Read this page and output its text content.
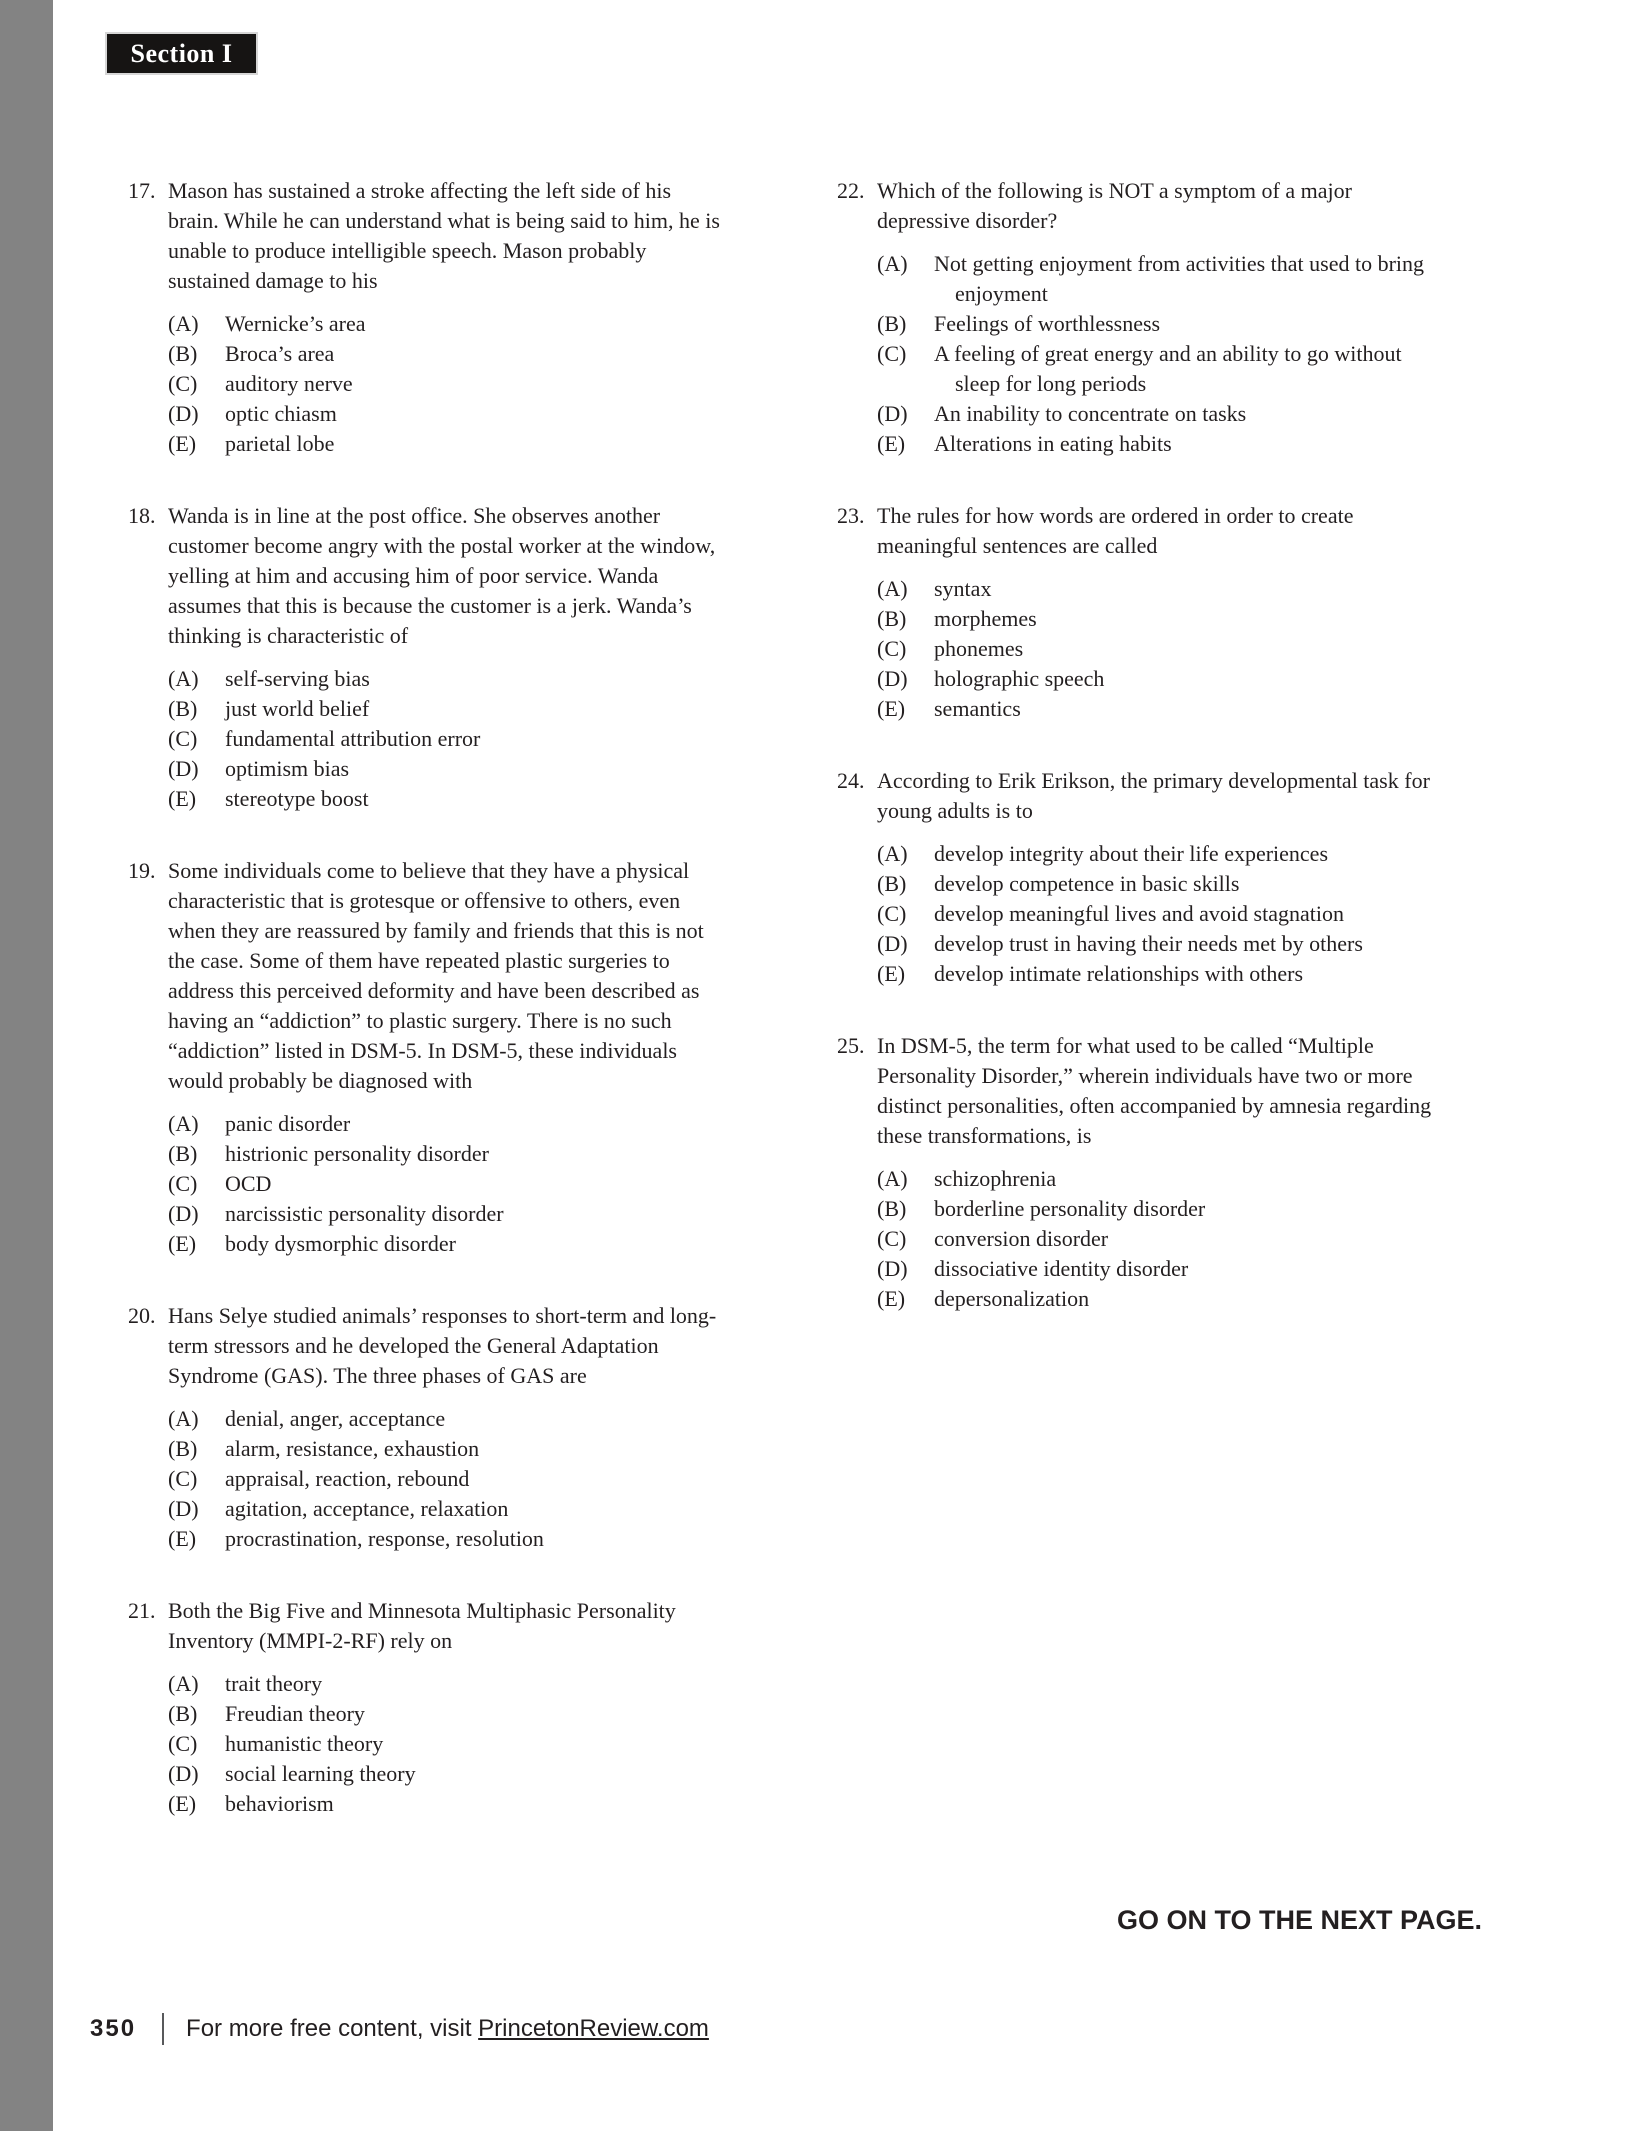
Section I
17. Mason has sustained a stroke affecting the left side of his brain. While he can understand what is being said to him, he is unable to produce intelligible speech. Mason probably sustained damage to his

(A)	Wernicke’s area
(B)	Broca’s area
(C)	auditory nerve
(D)	optic chiasm
(E)	parietal lobe
18. Wanda is in line at the post office. She observes another customer become angry with the postal worker at the window, yelling at him and accusing him of poor service. Wanda assumes that this is because the customer is a jerk. Wanda’s thinking is characteristic of

(A)	self-serving bias
(B)	just world belief
(C)	fundamental attribution error
(D)	optimism bias
(E)	stereotype boost
19. Some individuals come to believe that they have a physical characteristic that is grotesque or offensive to others, even when they are reassured by family and friends that this is not the case. Some of them have repeated plastic surgeries to address this perceived deformity and have been described as having an “addiction” to plastic surgery. There is no such “addiction” listed in DSM-5. In DSM-5, these individuals would probably be diagnosed with

(A)	panic disorder
(B)	histrionic personality disorder
(C)	OCD
(D)	narcissistic personality disorder
(E)	body dysmorphic disorder
20. Hans Selye studied animals’ responses to short-term and long-term stressors and he developed the General Adaptation Syndrome (GAS). The three phases of GAS are

(A)	denial, anger, acceptance
(B)	alarm, resistance, exhaustion
(C)	appraisal, reaction, rebound
(D)	agitation, acceptance, relaxation
(E)	procrastination, response, resolution
21. Both the Big Five and Minnesota Multiphasic Personality Inventory (MMPI-2-RF) rely on

(A)	trait theory
(B)	Freudian theory
(C)	humanistic theory
(D)	social learning theory
(E)	behaviorism
22. Which of the following is NOT a symptom of a major depressive disorder?

(A)	Not getting enjoyment from activities that used to bring enjoyment
(B)	Feelings of worthlessness
(C)	A feeling of great energy and an ability to go without sleep for long periods
(D)	An inability to concentrate on tasks
(E)	Alterations in eating habits
23. The rules for how words are ordered in order to create meaningful sentences are called

(A)	syntax
(B)	morphemes
(C)	phonemes
(D)	holographic speech
(E)	semantics
24. According to Erik Erikson, the primary developmental task for young adults is to

(A)	develop integrity about their life experiences
(B)	develop competence in basic skills
(C)	develop meaningful lives and avoid stagnation
(D)	develop trust in having their needs met by others
(E)	develop intimate relationships with others
25. In DSM-5, the term for what used to be called “Multiple Personality Disorder,” wherein individuals have two or more distinct personalities, often accompanied by amnesia regarding these transformations, is

(A)	schizophrenia
(B)	borderline personality disorder
(C)	conversion disorder
(D)	dissociative identity disorder
(E)	depersonalization
GO ON TO THE NEXT PAGE.
350 For more free content, visit PrincetonReview.com
